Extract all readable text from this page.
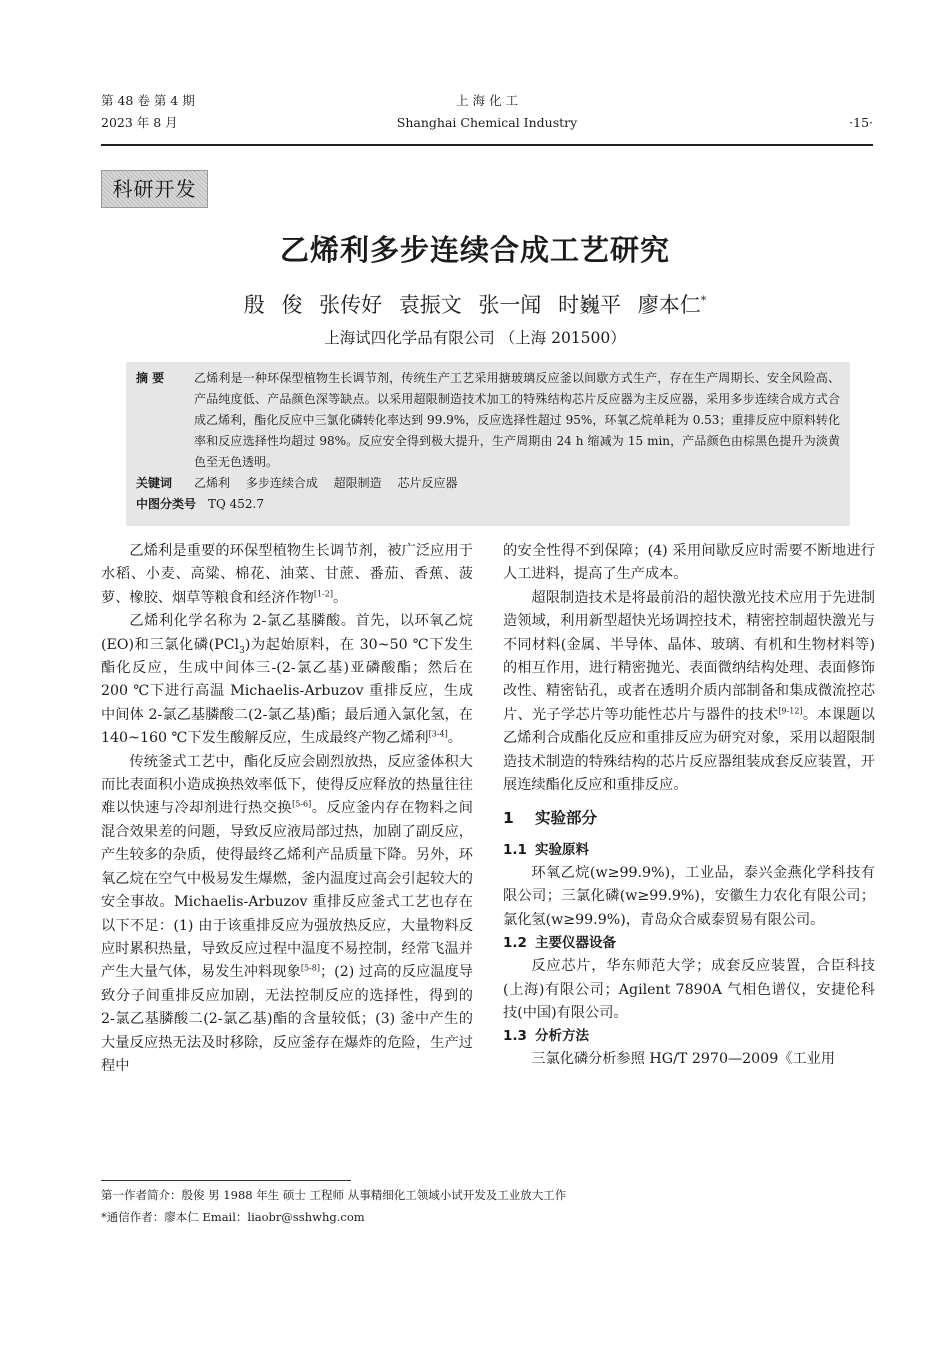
第 48 卷 第 4 期
2023 年 8 月
上 海 化 工
Shanghai Chemical Industry	·15·
科研开发
乙烯利多步连续合成工艺研究
殷 俊 张传好 袁振文 张一闻 时巍平 廖本仁*
上海试四化学品有限公司 （上海 201500）
摘 要 乙烯利是一种环保型植物生长调节剂，传统生产工艺采用搪玻璃反应釜以间歇方式生产，存在生产周期长、安全风险高、产品纯度低、产品颜色深等缺点。以采用超限制造技术加工的特殊结构芯片反应器为主反应器，采用多步连续合成方式合成乙烯利，酯化反应中三氯化磷转化率达到 99.9%，反应选择性超过 95%，环氧乙烷单耗为 0.53；重排反应中原料转化率和反应选择性均超过 98%。反应安全得到极大提升，生产周期由 24 h 缩减为 15 min，产品颜色由棕黑色提升为淡黄色至无色透明。
关键词 乙烯利 多步连续合成 超限制造 芯片反应器
中图分类号 TQ 452.7

乙烯利是重要的环保型植物生长调节剂，被广泛应用于水稻、小麦、高粱、棉花、油菜、甘蔗、番茄、香蕉、菠萝、橡胶、烟草等粮食和经济作物[1-2]。

乙烯利化学名称为 2-氯乙基膦酸。首先，以环氧乙烷(EO)和三氯化磷(PCl$_3$)为起始原料，在 30~50 ℃下发生酯化反应，生成中间体三-(2-氯乙基)亚磷酸酯；然后在 200 ℃下进行高温 Michaelis-Arbuzov 重排反应，生成中间体 2-氯乙基膦酸二(2-氯乙基)酯；最后通入氯化氢，在 140~160 ℃下发生酸解反应，生成最终产物乙烯利[3-4]。

传统釜式工艺中，酯化反应会剧烈放热，反应釜体积大而比表面积小造成换热效率低下，使得反应释放的热量往往难以快速与冷却剂进行热交换[5-6]。反应釜内存在物料之间混合效果差的问题，导致反应液局部过热，加剧了副反应，产生较多的杂质，使得最终乙烯利产品质量下降。另外，环氧乙烷在空气中极易发生爆燃，釜内温度过高会引起较大的安全事故。Michaelis-Arbuzov 重排反应釜式工艺也存在以下不足：(1) 由于该重排反应为强放热反应，大量物料反应时累积热量，导致反应过程中温度不易控制，经常飞温并产生大量气体，易发生冲料现象[5-8]；(2) 过高的反应温度导致分子间重排反应加剧，无法控制反应的选择性，得到的 2-氯乙基膦酸二(2-氯乙基)酯的含量较低；(3) 釜中产生的大量反应热无法及时移除，反应釜存在爆炸的危险，生产过程中

的安全性得不到保障；(4) 采用间歇反应时需要不断地进行人工进料，提高了生产成本。

超限制造技术是将最前沿的超快激光技术应用于先进制造领域，利用新型超快光场调控技术，精密控制超快激光与不同材料(金属、半导体、晶体、玻璃、有机和生物材料等)的相互作用，进行精密抛光、表面微纳结构处理、表面修饰改性、精密钻孔，或者在透明介质内部制备和集成微流控芯片、光子学芯片等功能性芯片与器件的技术[9-12]。本课题以乙烯利合成酯化反应和重排反应为研究对象，采用以超限制造技术制造的特殊结构的芯片反应器组装成套反应装置，开展连续酯化反应和重排反应。

1 实验部分
1.1 实验原料

环氧乙烷(w≥99.9%)，工业品，泰兴金燕化学科技有限公司；三氯化磷(w≥99.9%)，安徽生力农化有限公司；氯化氢(w≥99.9%)，青岛众合威泰贸易有限公司。

1.2 主要仪器设备

反应芯片，华东师范大学；成套反应装置，合臣科技(上海)有限公司；Agilent 7890A 气相色谱仪，安捷伦科技(中国)有限公司。

1.3 分析方法

三氯化磷分析参照 HG/T 2970—2009《工业用

第一作者简介：殷俊 男 1988 年生 硕士 工程师 从事精细化工领域小试开发及工业放大工作
*通信作者：廖本仁 Email：liaobr@sshwhg.com
